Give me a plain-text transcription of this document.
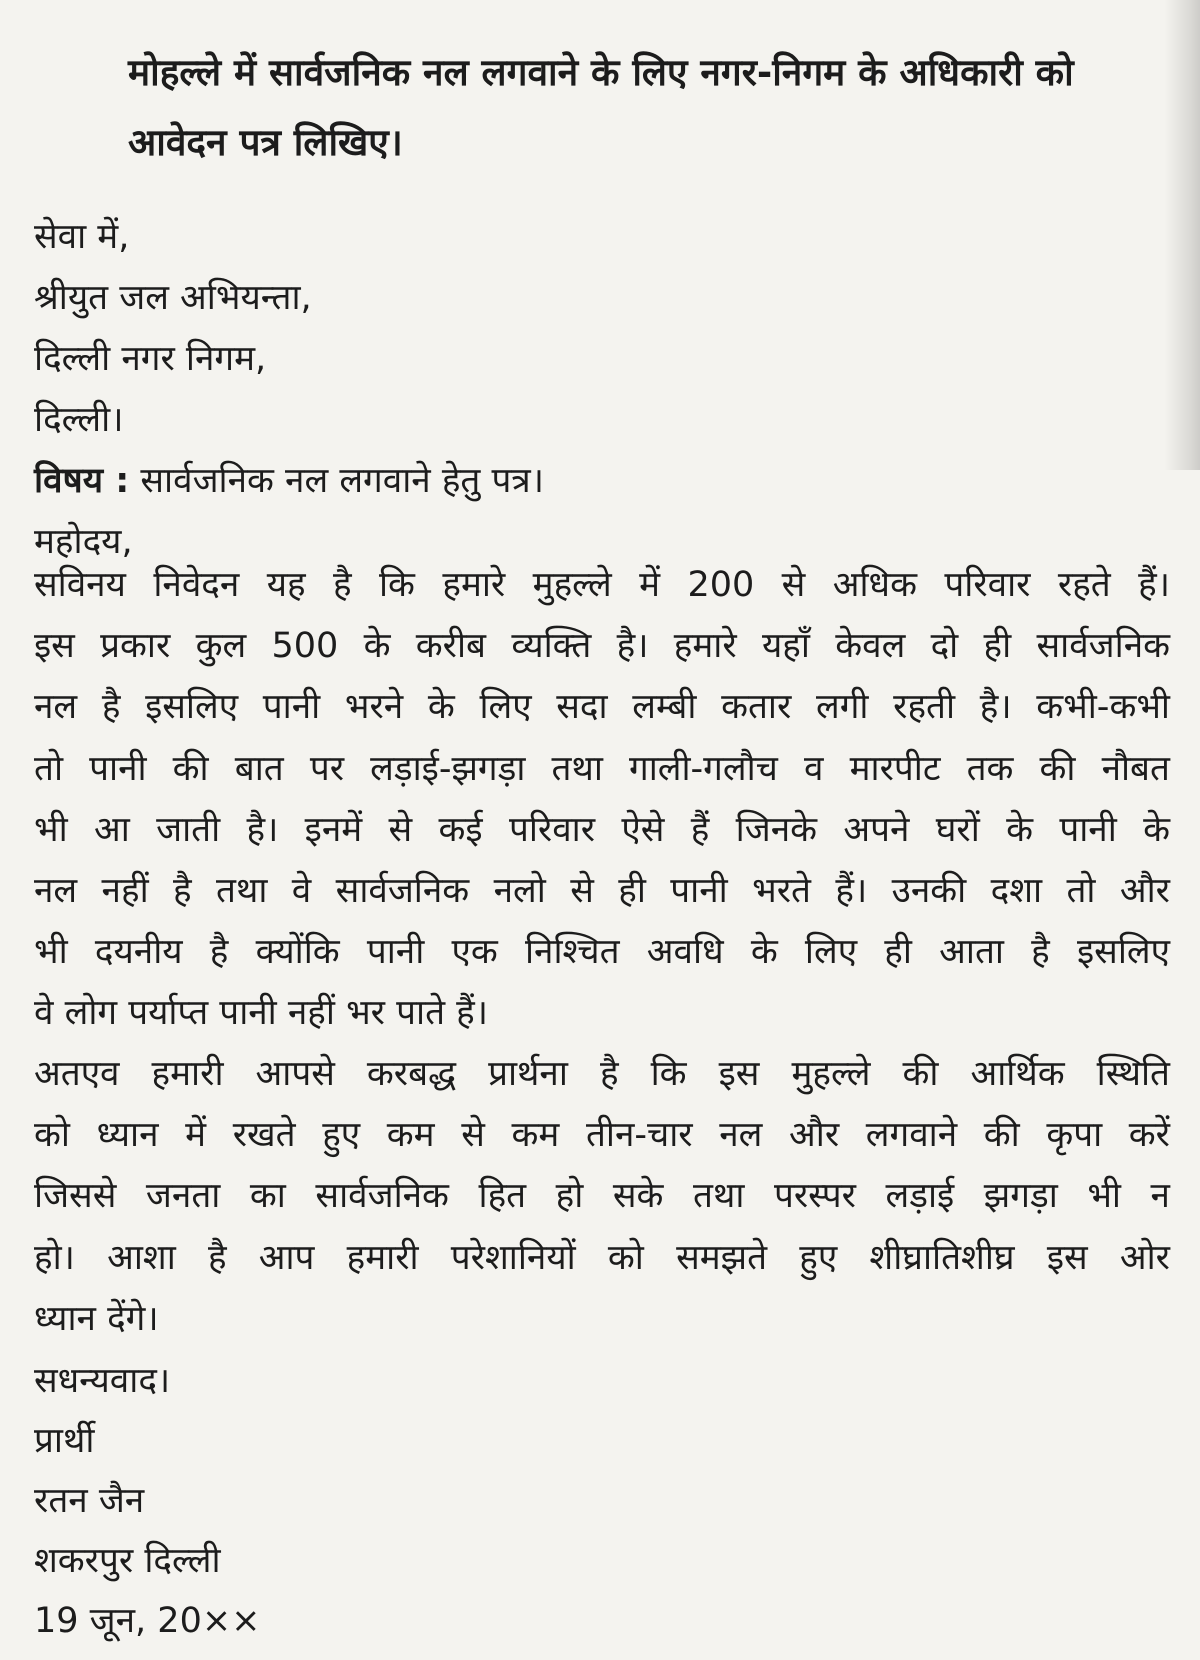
मोहल्ले में सार्वजनिक नल लगवाने के लिए नगर-निगम के अधिकारी को
आवेदन पत्र लिखिए।
सेवा में,
श्रीयुत जल अभियन्ता,
दिल्ली नगर निगम,
दिल्ली।
विषय : सार्वजनिक नल लगवाने हेतु पत्र।
महोदय,
सविनय निवेदन यह है कि हमारे मुहल्ले में 200 से अधिक परिवार रहते हैं।
इस प्रकार कुल 500 के करीब व्यक्ति है। हमारे यहाँ केवल दो ही सार्वजनिक
नल है इसलिए पानी भरने के लिए सदा लम्बी कतार लगी रहती है। कभी-कभी
तो पानी की बात पर लड़ाई-झगड़ा तथा गाली-गलौच व मारपीट तक की नौबत
भी आ जाती है। इनमें से कई परिवार ऐसे हैं जिनके अपने घरों के पानी के
नल नहीं है तथा वे सार्वजनिक नलो से ही पानी भरते हैं। उनकी दशा तो और
भी दयनीय है क्योंकि पानी एक निश्चित अवधि के लिए ही आता है इसलिए
वे लोग पर्याप्त पानी नहीं भर पाते हैं।
अतएव हमारी आपसे करबद्ध प्रार्थना है कि इस मुहल्ले की आर्थिक स्थिति
को ध्यान में रखते हुए कम से कम तीन-चार नल और लगवाने की कृपा करें
जिससे जनता का सार्वजनिक हित हो सके तथा परस्पर लड़ाई झगड़ा भी न
हो। आशा है आप हमारी परेशानियों को समझते हुए शीघ्रातिशीघ्र इस ओर
ध्यान देंगे।
सधन्यवाद।
प्रार्थी
रतन जैन
शकरपुर दिल्ली
19 जून, 20××
